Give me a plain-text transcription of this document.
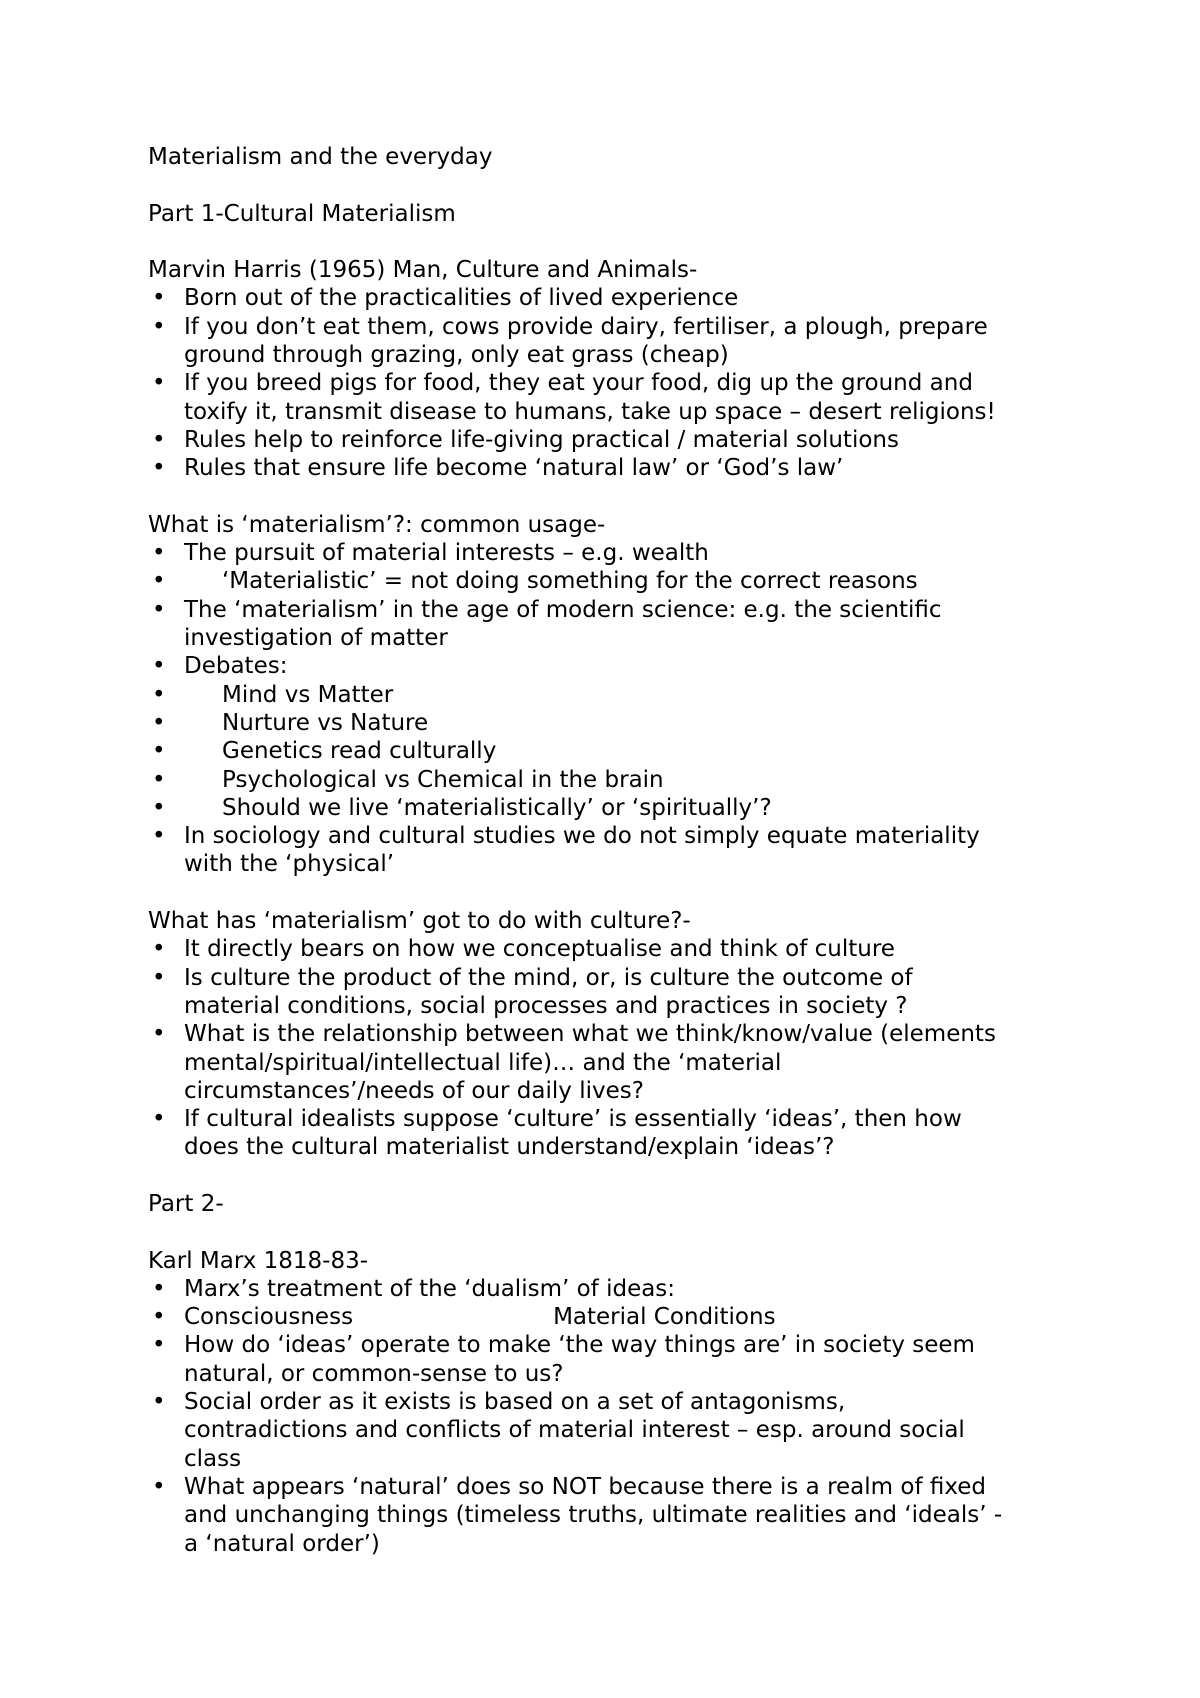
Materialism and the everyday

Part 1-Cultural Materialism

Marvin Harris (1965) Man, Culture and Animals-

• Born out of the practicalities of lived experience
• If you don’t eat them, cows provide dairy, fertiliser, a plough, prepare
ground through grazing, only eat grass (cheap)
• If you breed pigs for food, they eat your food, dig up the ground and
toxify it, transmit disease to humans, take up space – desert religions!
• Rules help to reinforce life-giving practical / material solutions
• Rules that ensure life become ‘natural law’ or ‘God’s law’

What is ‘materialism’?: common usage-

• The pursuit of material interests – e.g. wealth
•	‘Materialistic’ = not doing something for the correct reasons
• The ‘materialism’ in the age of modern science: e.g. the scientific
investigation of matter
• Debates:
•	Mind vs Matter
•	Nurture vs Nature
•	Genetics read culturally
•	Psychological vs Chemical in the brain
•	Should we live ‘materialistically’ or ‘spiritually’?
• In sociology and cultural studies we do not simply equate materiality
with the ‘physical’

What has ‘materialism’ got to do with culture?-

• It directly bears on how we conceptualise and think of culture
• Is culture the product of the mind, or, is culture the outcome of
material conditions, social processes and practices in society ?
• What is the relationship between what we think/know/value (elements
mental/spiritual/intellectual life)… and the ‘material
circumstances’/needs of our daily lives?
• If cultural idealists suppose ‘culture’ is essentially ‘ideas’, then how
does the cultural materialist understand/explain ‘ideas’?

Part 2-

Karl Marx 1818-83-

• Marx’s treatment of the ‘dualism’ of ideas:
• Consciousness	Material Conditions
• How do ‘ideas’ operate to make ‘the way things are’ in society seem
natural, or common-sense to us?
• Social order as it exists is based on a set of antagonisms,
contradictions and conflicts of material interest – esp. around social
class
• What appears ‘natural’ does so NOT because there is a realm of fixed
and unchanging things (timeless truths, ultimate realities and ‘ideals’ -
a ‘natural order’)
